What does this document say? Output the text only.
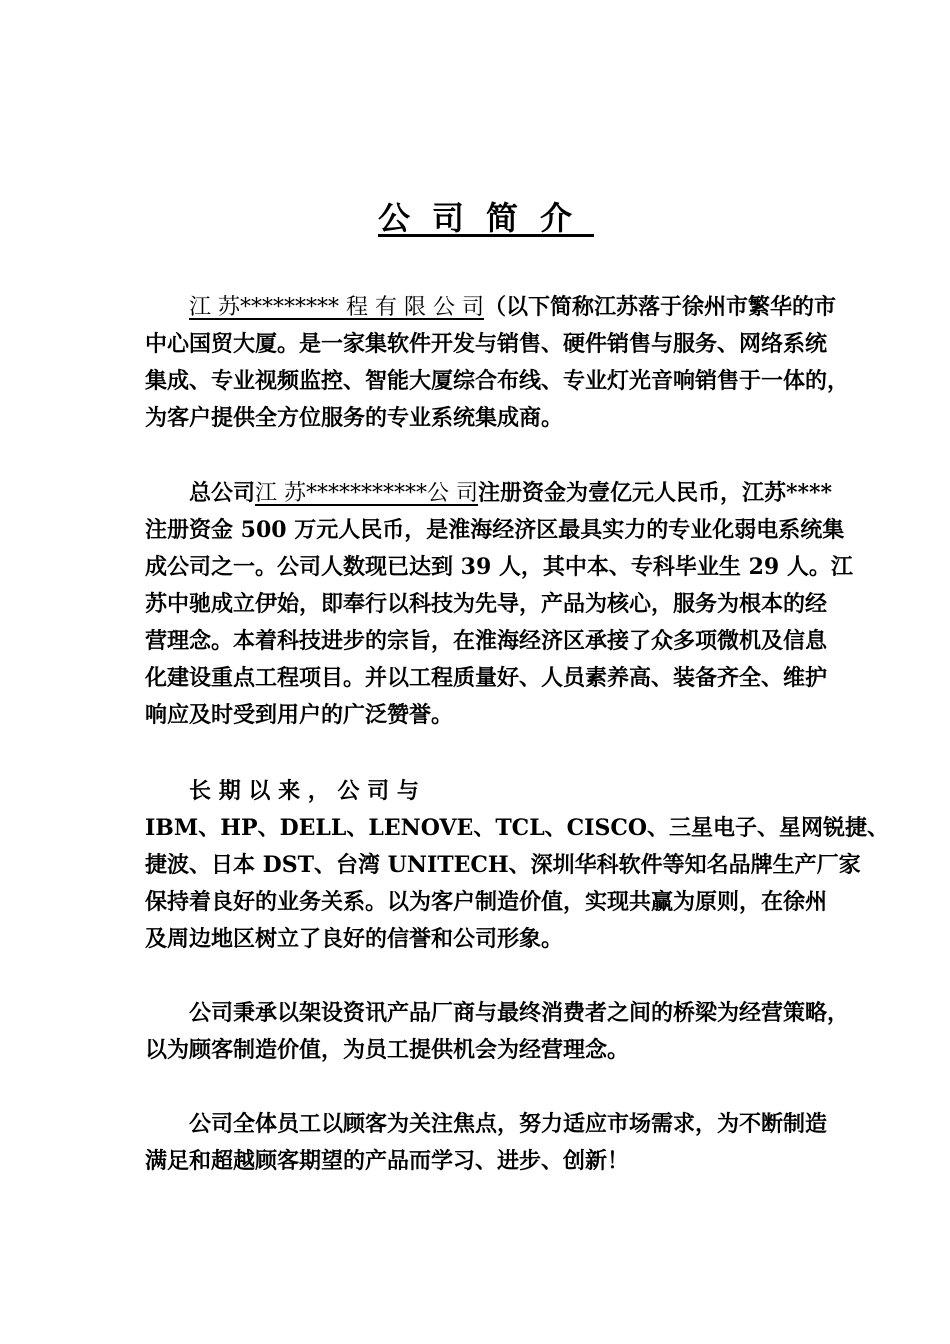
公司简介
江 苏********* 程 有 限 公 司（以下简称江苏落于徐州市繁华的市
中心国贸大厦。是一家集软件开发与销售、硬件销售与服务、网络系统
集成、专业视频监控、智能大厦综合布线、专业灯光音响销售于一体的，
为客户提供全方位服务的专业系统集成商。
总公司江 苏***********公 司注册资金为壹亿元人民币，江苏****
注册资金 500 万元人民币，是淮海经济区最具实力的专业化弱电系统集
成公司之一。公司人数现已达到 39 人，其中本、专科毕业生 29 人。江
苏中驰成立伊始，即奉行以科技为先导，产品为核心，服务为根本的经
营理念。本着科技进步的宗旨，在淮海经济区承接了众多项微机及信息
化建设重点工程项目。并以工程质量好、人员素养高、装备齐全、维护
响应及时受到用户的广泛赞誉。
长 期 以 来 ， 公 司 与
IBM、HP、DELL、LENOVE、TCL、CISCO、三星电子、星网锐捷、
捷波、日本 DST、台湾 UNITECH、深圳华科软件等知名品牌生产厂家
保持着良好的业务关系。以为客户制造价值，实现共赢为原则，在徐州
及周边地区树立了良好的信誉和公司形象。
公司秉承以架设资讯产品厂商与最终消费者之间的桥梁为经营策略，
以为顾客制造价值，为员工提供机会为经营理念。
公司全体员工以顾客为关注焦点，努力适应市场需求，为不断制造
满足和超越顾客期望的产品而学习、进步、创新！
